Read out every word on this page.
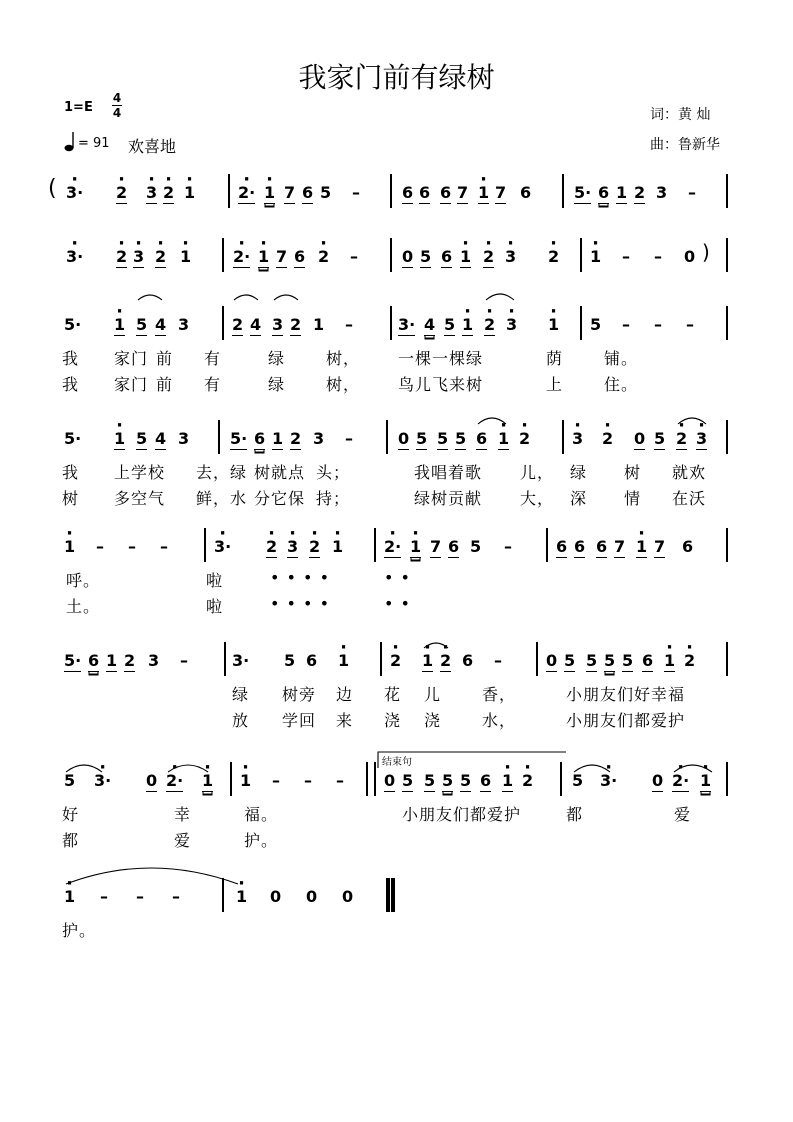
我家门前有绿树
1=E
4
4
= 91 欢喜地
词：黄 灿
曲：鲁新华
· 3· · 2 · 3 · 2 · 1	· 2· · 1 7 6 5 –	6 6 6 7 · 1 7 6	5· 6 1 2 3 –
· 3· · 2 · 3 · 2 · 1	· 2· · 1 7 6 · 2 –	0 5 6 · 1 · 2 · 3 · 2 · 1 – – 0
5· · 1 5 4 3	2 4 3 2 1 –	3· 4 5 · 1 · 2 · 3 · 1 5 – – –
我 家门 前 有	绿	树， 一棵一棵绿	荫	铺。
我 家门 前 有	绿	树， 鸟儿飞来树	上	住。
5· · 1 5 4 3	5· 6 1 2 3 –	0 5 5 5 6 · 1 · 2	· 3 · 2 0 5 · 2 · 3
我 上学校 去，绿 树就点 头；	我唱着歌 儿， 绿 树 就欢
树 多空气 鲜，水 分它保 持；	绿树贡献 大， 深 情 在沃
· 1 – – –	· 3· · 2 · 3 · 2 · 1	· 2· · 1 7 6 5 –	6 6 6 7 · 1 7 6
呼。	啦	• • • •	• •
土。	啦	• • • •	• •
5· 6 1 2 3 –	3· 5 6 · 1	· 2 · 1 · 2 6 –	0 5 5 5 5 6 · 1 · 2
绿 树旁 边 花 儿	香，	小朋友们好幸福
放 学回 来 浇 浇	水，	小朋友们都爱护
5 · 3· 0 · 2· · 1 · 1 – – –	0 5 5 5 5 6 · 1 · 2 5 · 3· 0 · 2· · 1
好	幸	福。	小朋友们都爱护	都	爱
都	爱	护。
· 1 – – –	· 1 0 0 0
护。
(
)
结束句
